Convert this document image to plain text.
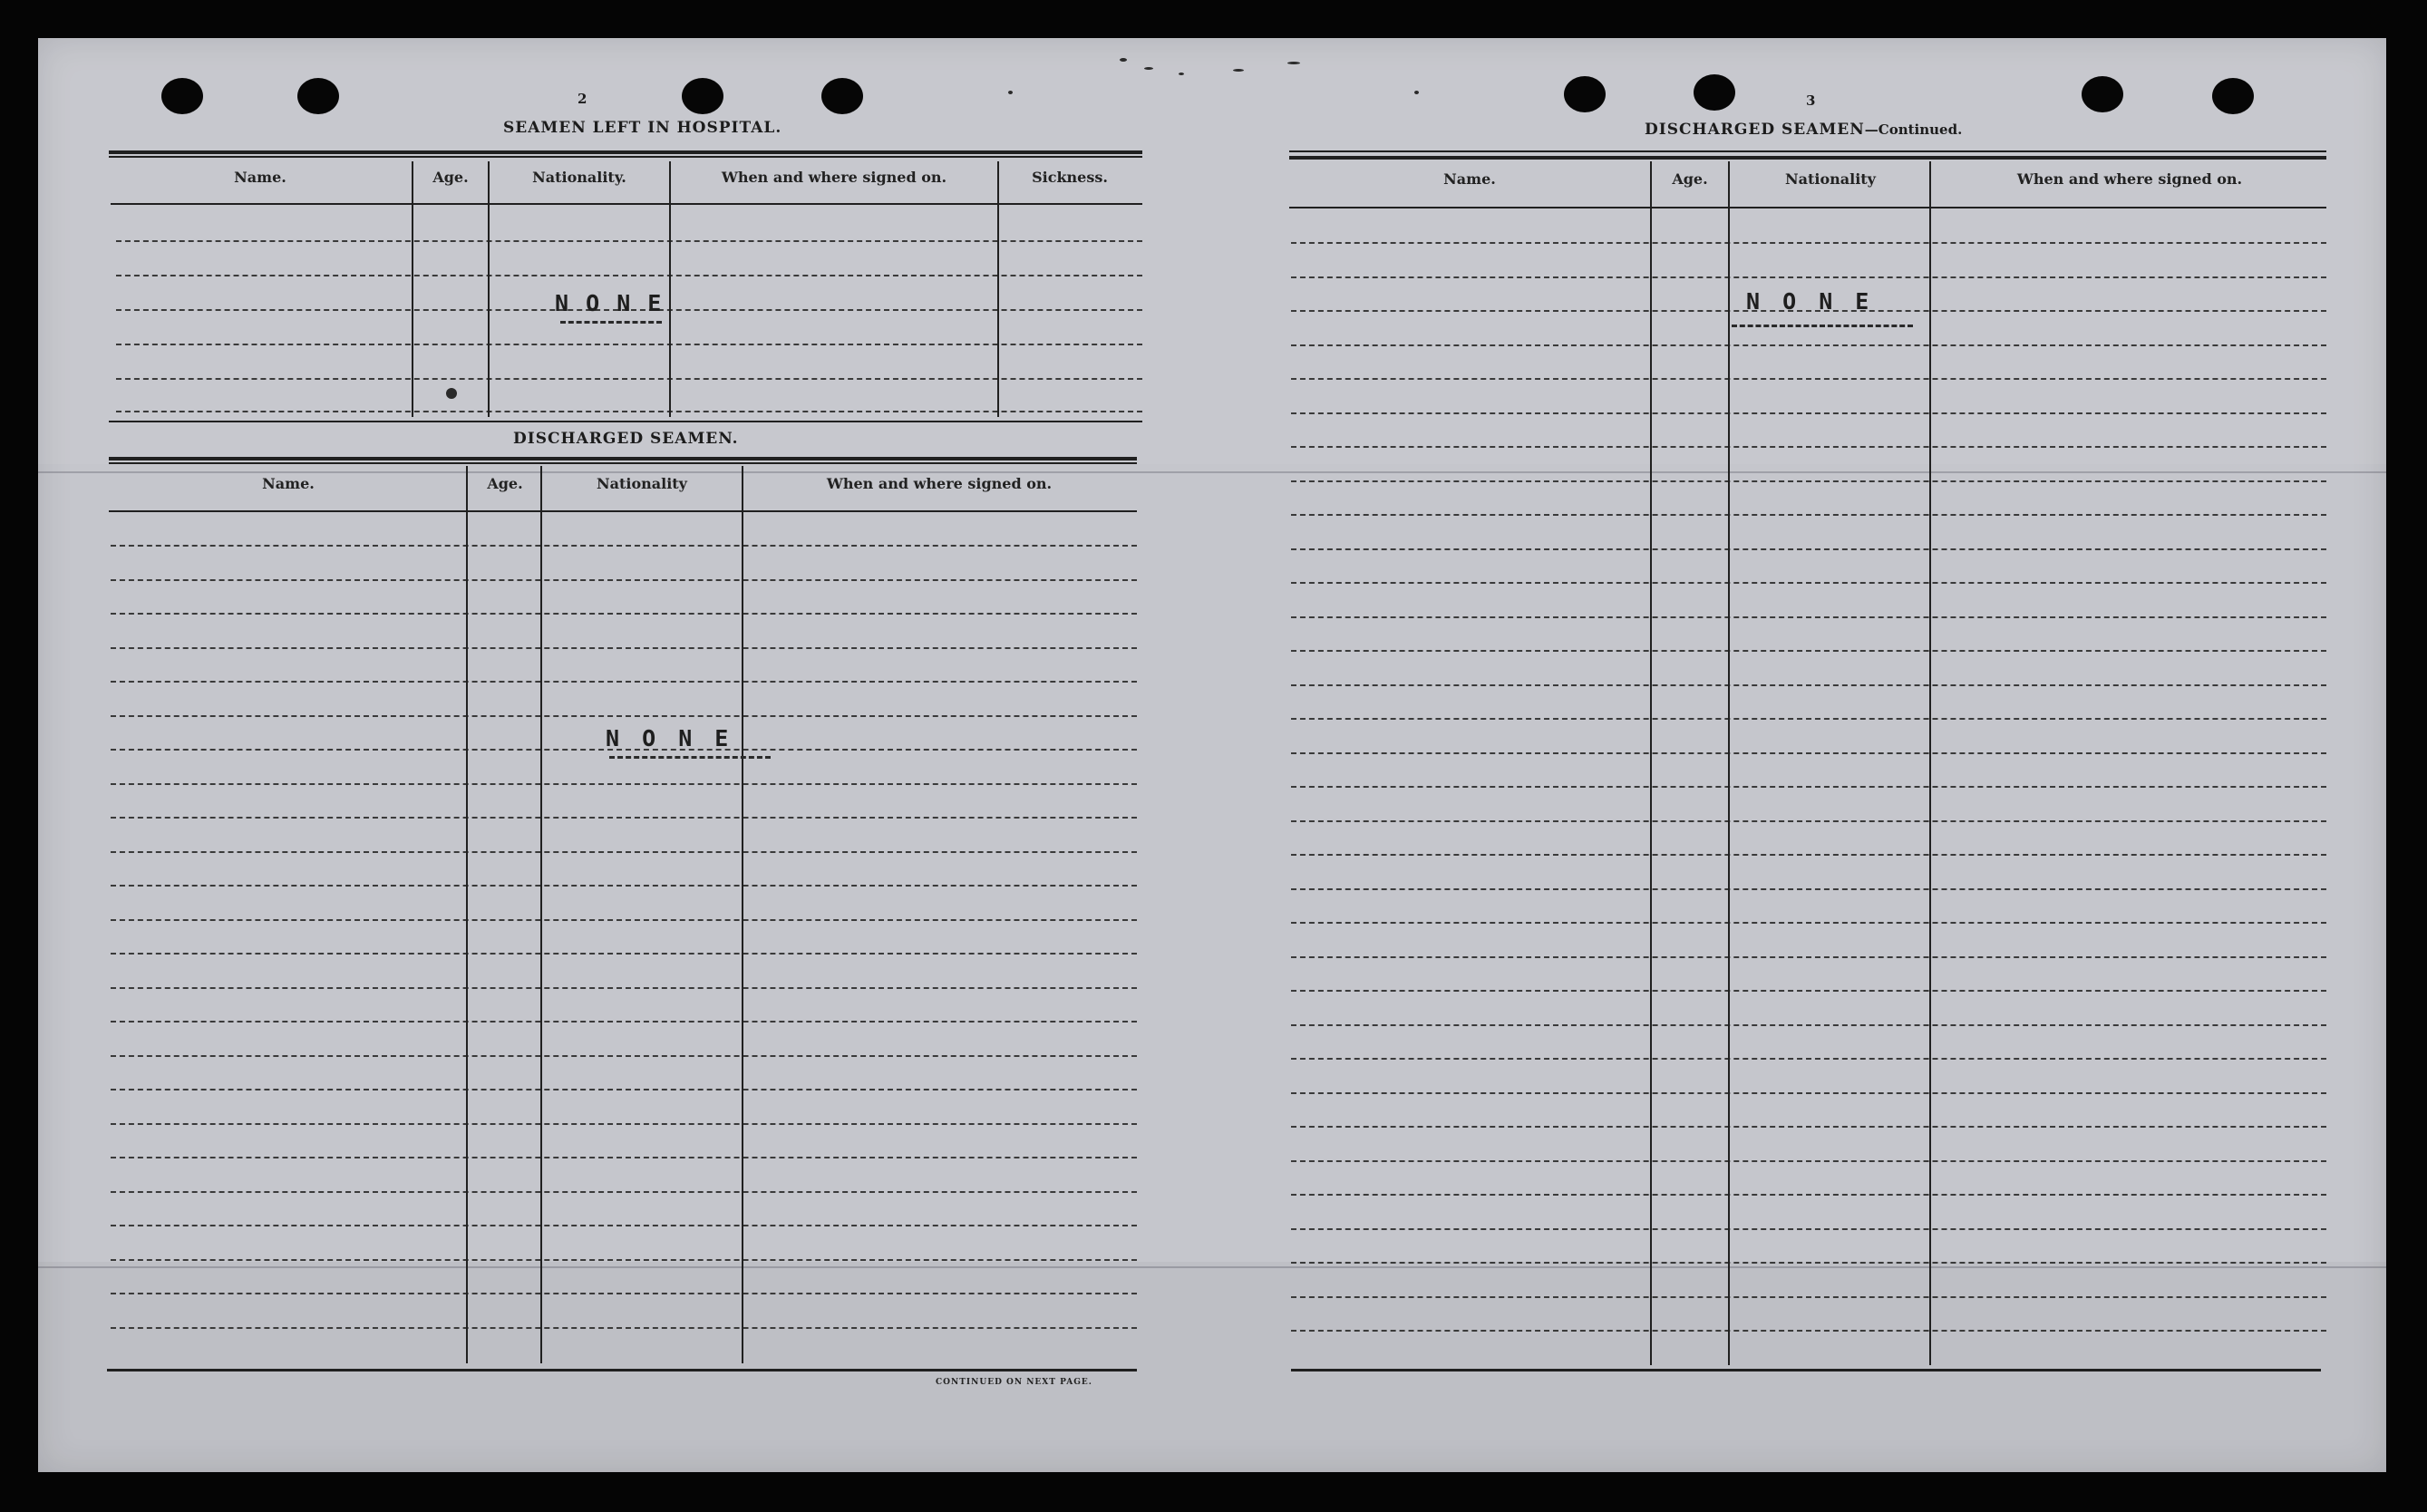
2
SEAMEN LEFT IN HOSPITAL.
Name.	Age.	Nationality.	When and where signed on.	Sickness.
N O N E
DISCHARGED SEAMEN.
Name.	Age.	Nationality	When and where signed on.
N O N E
CONTINUED ON NEXT PAGE.
3
DISCHARGED SEAMEN—Continued.
Name.	Age.	Nationality	When and where signed on.
N O N E
